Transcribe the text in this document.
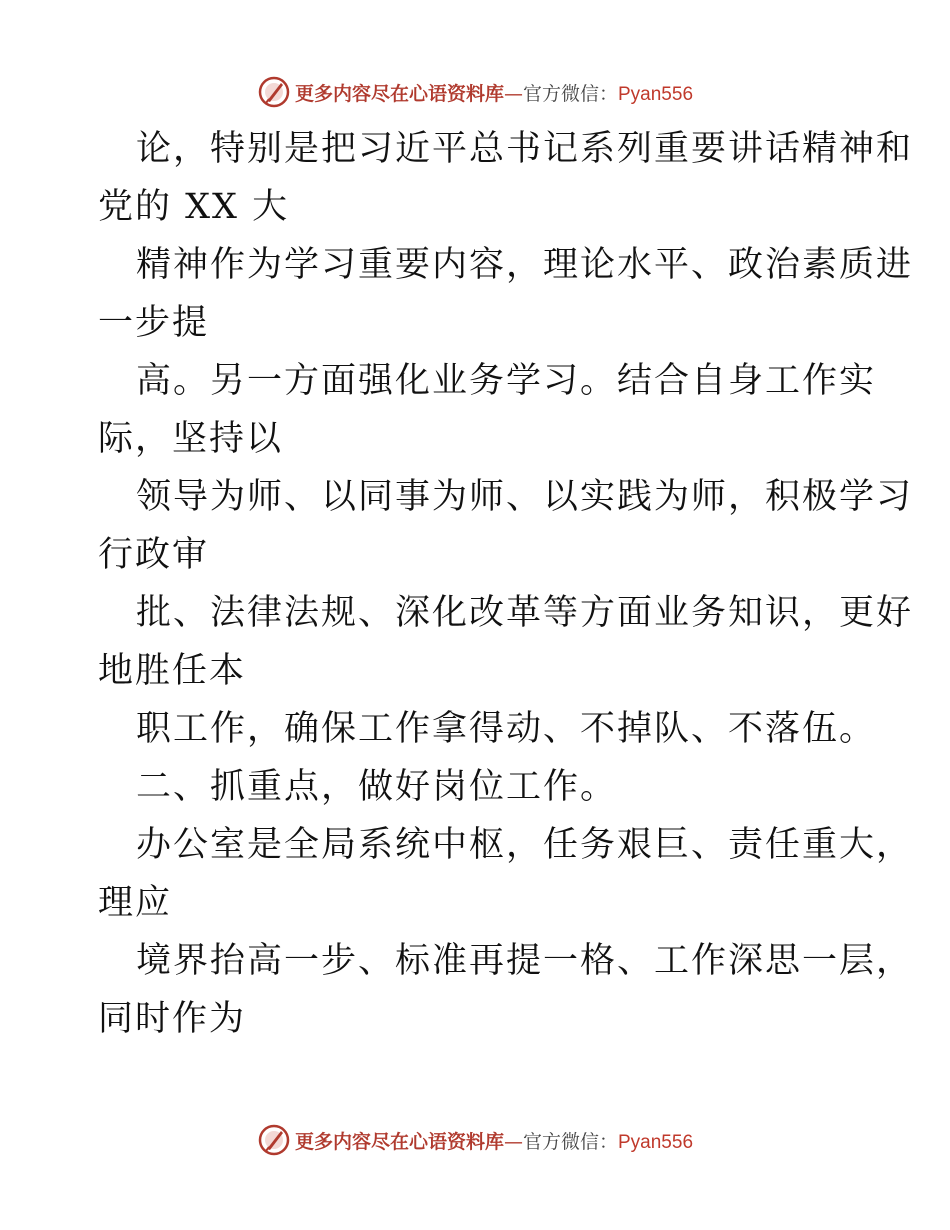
更多内容尽在心语资料库—官方微信：Pyan556
论，特别是把习近平总书记系列重要讲话精神和
党的 XX 大
精神作为学习重要内容，理论水平、政治素质进
一步提
高。另一方面强化业务学习。结合自身工作实
际，坚持以
领导为师、以同事为师、以实践为师，积极学习
行政审
批、法律法规、深化改革等方面业务知识，更好
地胜任本
职工作，确保工作拿得动、不掉队、不落伍。
二、抓重点，做好岗位工作。
办公室是全局系统中枢，任务艰巨、责任重大，
理应
境界抬高一步、标准再提一格、工作深思一层，
同时作为
更多内容尽在心语资料库—官方微信：Pyan556
